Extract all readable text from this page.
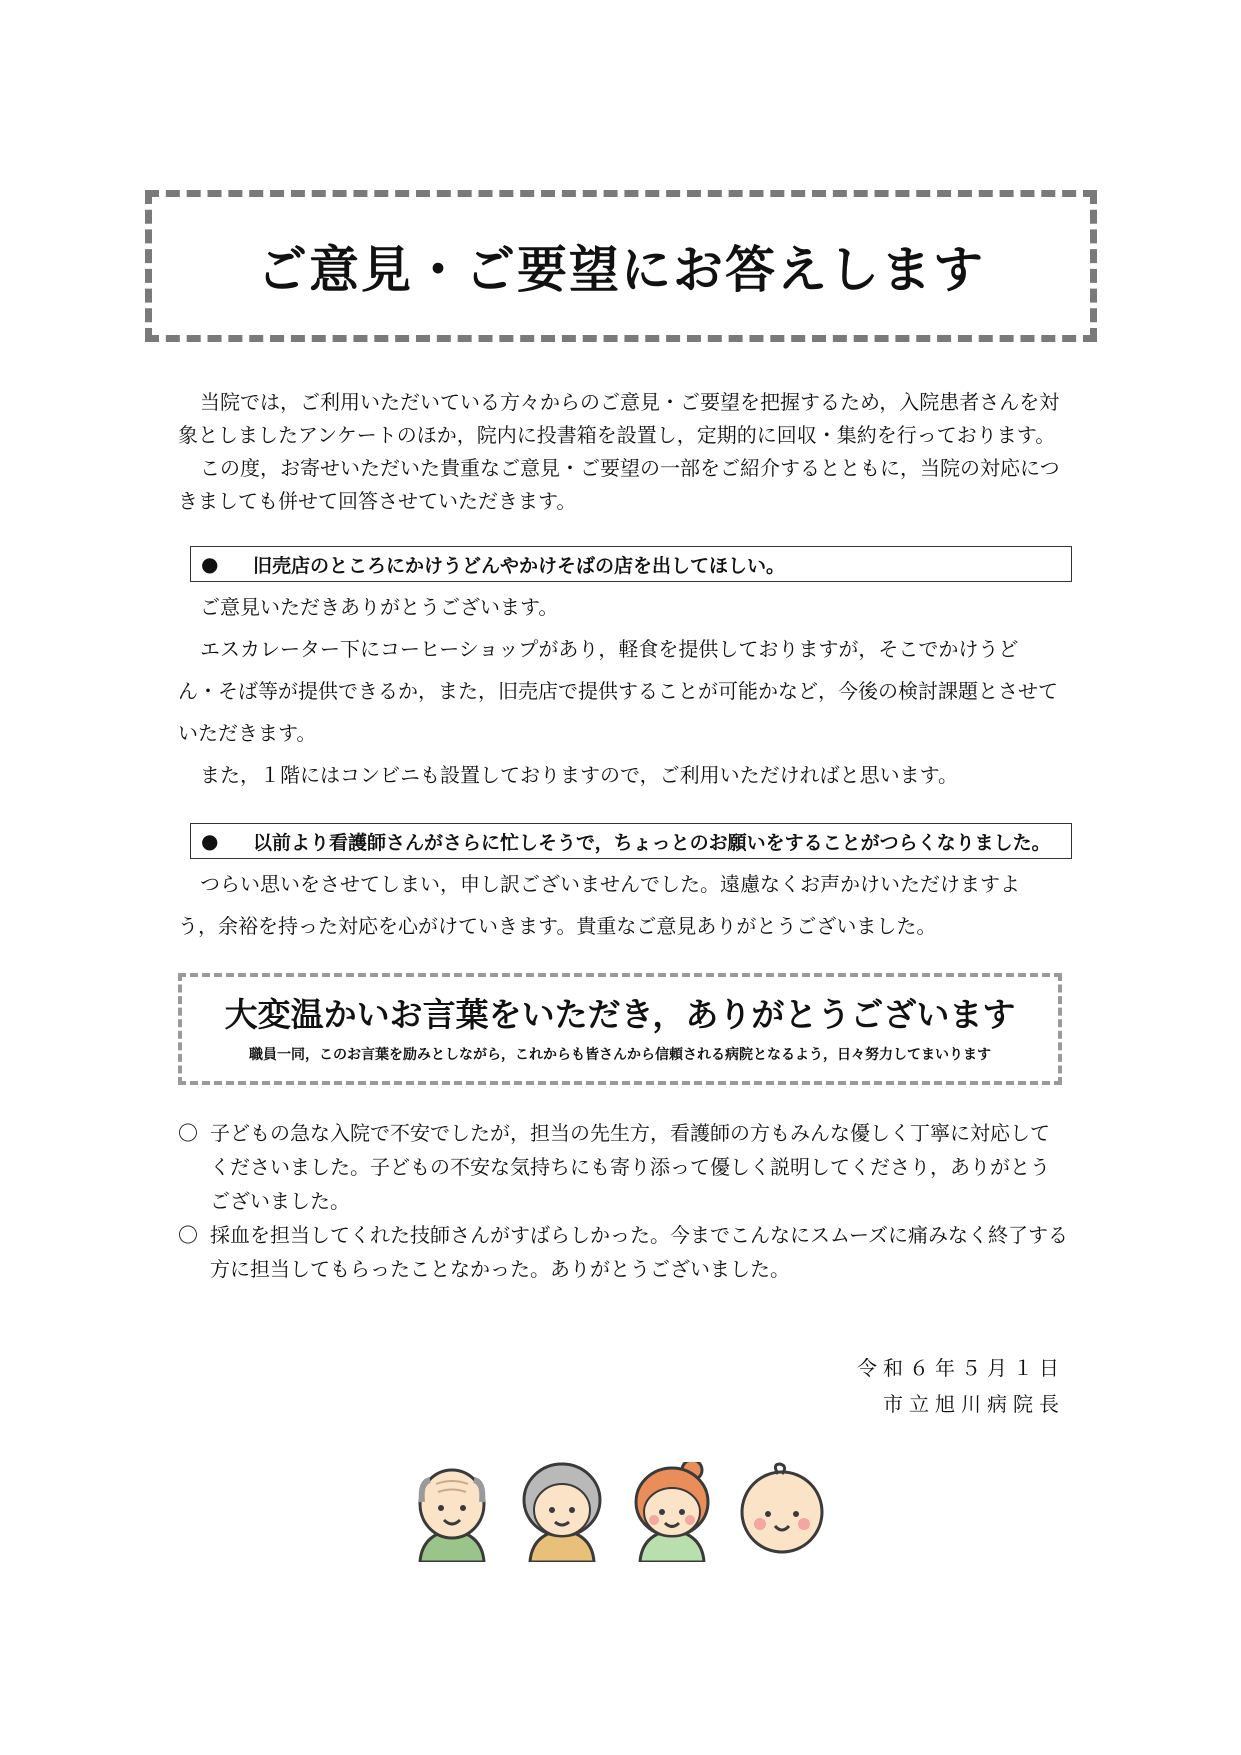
ご意見・ご要望にお答えします

当院では，ご利用いただいている方々からのご意見・ご要望を把握するため，入院患者さんを対象としましたアンケートのほか，院内に投書箱を設置し，定期的に回収・集約を行っております。

この度，お寄せいただいた貴重なご意見・ご要望の一部をご紹介するとともに，当院の対応につきましても併せて回答させていただきます。

●	旧売店のところにかけうどんやかけそばの店を出してほしい。

ご意見いただきありがとうございます。

エスカレーター下にコーヒーショップがあり，軽食を提供しておりますが，そこでかけうどん・そば等が提供できるか，また，旧売店で提供することが可能かなど，今後の検討課題とさせていただきます。

また，１階にはコンビニも設置しておりますので，ご利用いただければと思います。

●	以前より看護師さんがさらに忙しそうで，ちょっとのお願いをすることがつらくなりました。

つらい思いをさせてしまい，申し訳ございませんでした。遠慮なくお声かけいただけますよう，余裕を持った対応を心がけていきます。貴重なご意見ありがとうございました。

大変温かいお言葉をいただき，ありがとうございます
職員一同，このお言葉を励みとしながら，これからも皆さんから信頼される病院となるよう，日々努力してまいります
〇 子どもの急な入院で不安でしたが，担当の先生方，看護師の方もみんな優しく丁寧に対応してくださいました。子どもの不安な気持ちにも寄り添って優しく説明してくださり，ありがとうございました。
〇 採血を担当してくれた技師さんがすばらしかった。今までこんなにスムーズに痛みなく終了する方に担当してもらったことなかった。ありがとうございました。
令和６年５月１日
市立旭川病院長
